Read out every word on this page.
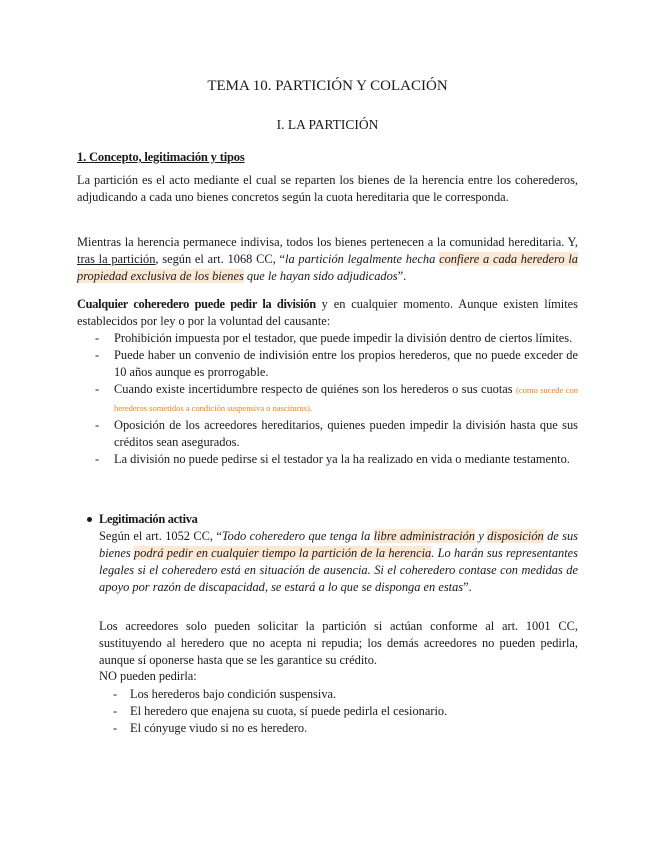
TEMA 10. PARTICIÓN Y COLACIÓN
I. LA PARTICIÓN
1. Concepto, legitimación y tipos

La partición es el acto mediante el cual se reparten los bienes de la herencia entre los coherederos, adjudicando a cada uno bienes concretos según la cuota hereditaria que le corresponda.

Mientras la herencia permanece indivisa, todos los bienes pertenecen a la comunidad hereditaria. Y, tras la partición, según el art. 1068 CC, “la partición legalmente hecha confiere a cada heredero la propiedad exclusiva de los bienes que le hayan sido adjudicados”.

Cualquier coheredero puede pedir la división y en cualquier momento. Aunque existen límites establecidos por ley o por la voluntad del causante:

- Prohibición impuesta por el testador, que puede impedir la división dentro de ciertos límites.
- Puede haber un convenio de indivisión entre los propios herederos, que no puede exceder de 10 años aunque es prorrogable.
- Cuando existe incertidumbre respecto de quiénes son los herederos o sus cuotas (como sucede con herederos sometidos a condición suspensiva o nasciturus).
- Oposición de los acreedores hereditarios, quienes pueden impedir la división hasta que sus créditos sean asegurados.
- La división no puede pedirse si el testador ya la ha realizado en vida o mediante testamento.
Legitimación activa

Según el art. 1052 CC, “Todo coheredero que tenga la libre administración y disposición de sus bienes podrá pedir en cualquier tiempo la partición de la herencia. Lo harán sus representantes legales si el coheredero está en situación de ausencia. Si el coheredero contase con medidas de apoyo por razón de discapacidad, se estará a lo que se disponga en estas”.

Los acreedores solo pueden solicitar la partición si actúan conforme al art. 1001 CC, sustituyendo al heredero que no acepta ni repudia; los demás acreedores no pueden pedirla, aunque sí oponerse hasta que se les garantice su crédito.

NO pueden pedirla:

- Los herederos bajo condición suspensiva.
- El heredero que enajena su cuota, sí puede pedirla el cesionario.
- El cónyuge viudo si no es heredero.
